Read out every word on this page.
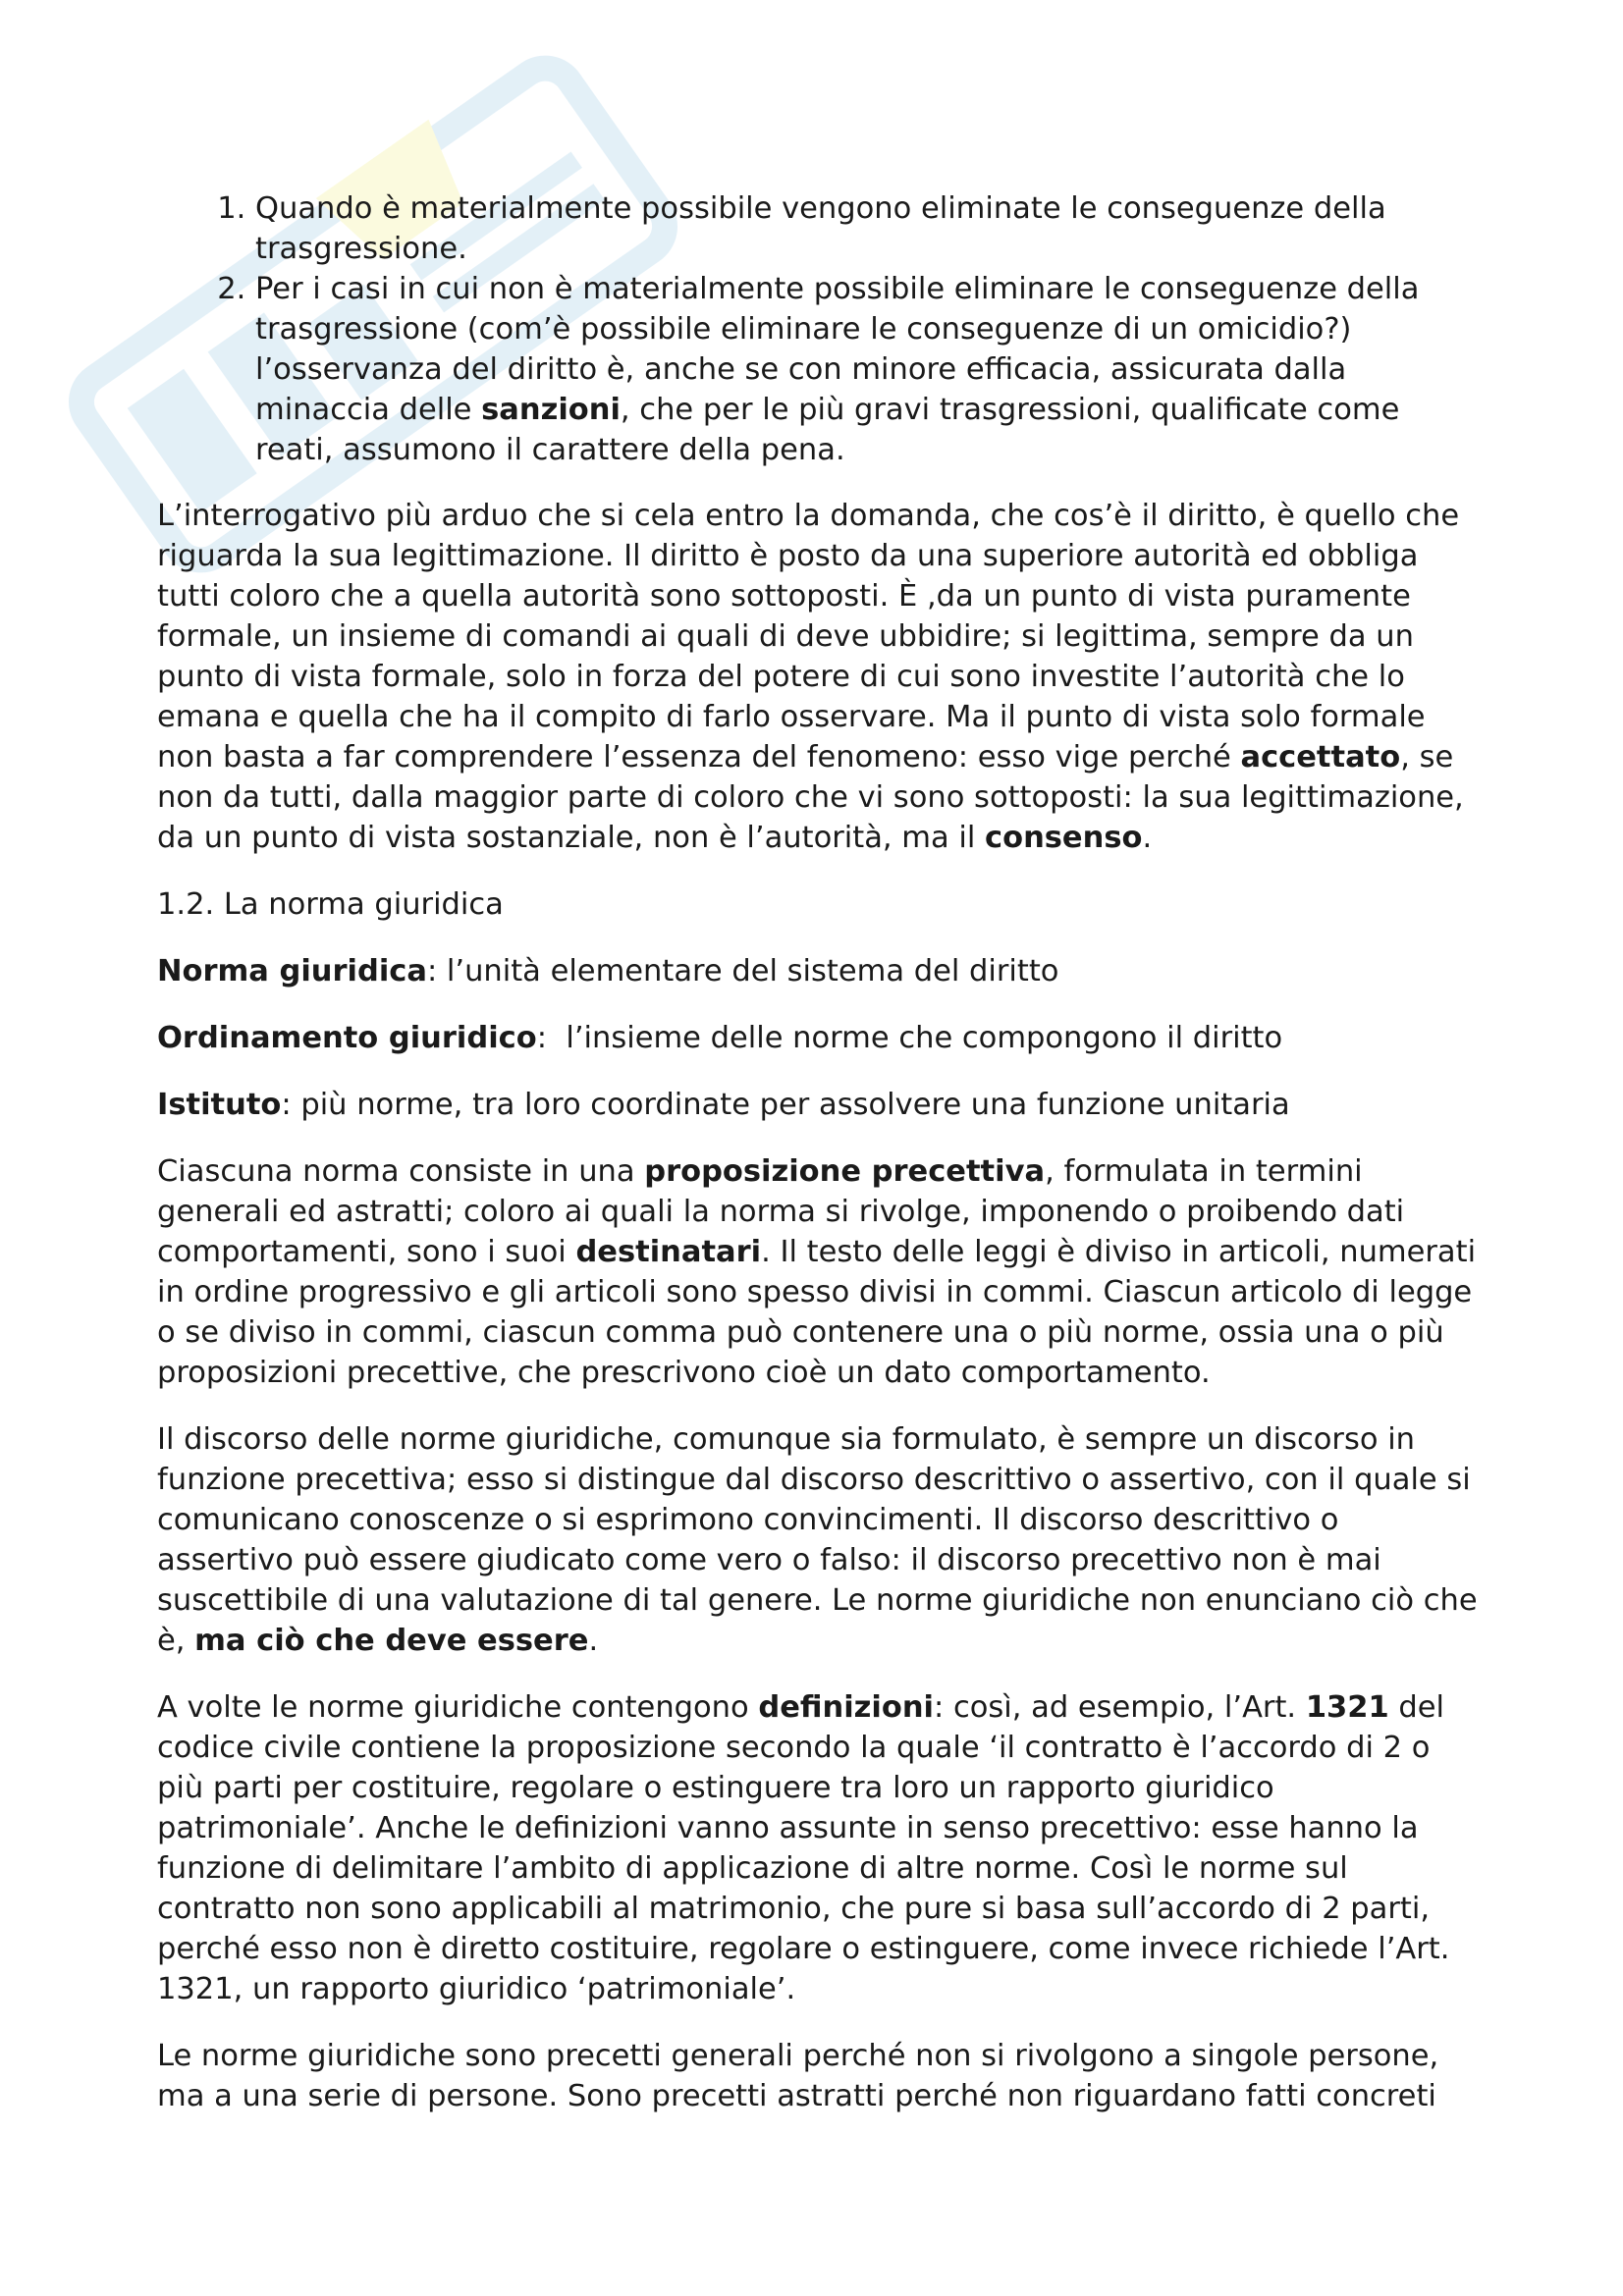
1. Quando è materialmente possibile vengono eliminate le conseguenze della trasgressione.
2. Per i casi in cui non è materialmente possibile eliminare le conseguenze della trasgressione (com’è possibile eliminare le conseguenze di un omicidio?) l’osservanza del diritto è, anche se con minore efficacia, assicurata dalla minaccia delle sanzioni, che per le più gravi trasgressioni, qualificate come reati, assumono il carattere della pena.

L’interrogativo più arduo che si cela entro la domanda, che cos’è il diritto, è quello che riguarda la sua legittimazione. Il diritto è posto da una superiore autorità ed obbliga tutti coloro che a quella autorità sono sottoposti. È ,da un punto di vista puramente formale, un insieme di comandi ai quali di deve ubbidire; si legittima, sempre da un punto di vista formale, solo in forza del potere di cui sono investite l’autorità che lo emana e quella che ha il compito di farlo osservare. Ma il punto di vista solo formale non basta a far comprendere l’essenza del fenomeno: esso vige perché accettato, se non da tutti, dalla maggior parte di coloro che vi sono sottoposti: la sua legittimazione, da un punto di vista sostanziale, non è l’autorità, ma il consenso.

1.2. La norma giuridica

Norma giuridica: l’unità elementare del sistema del diritto

Ordinamento giuridico:  l’insieme delle norme che compongono il diritto

Istituto: più norme, tra loro coordinate per assolvere una funzione unitaria

Ciascuna norma consiste in una proposizione precettiva, formulata in termini generali ed astratti; coloro ai quali la norma si rivolge, imponendo o proibendo dati comportamenti, sono i suoi destinatari. Il testo delle leggi è diviso in articoli, numerati in ordine progressivo e gli articoli sono spesso divisi in commi. Ciascun articolo di legge o se diviso in commi, ciascun comma può contenere una o più norme, ossia una o più proposizioni precettive, che prescrivono cioè un dato comportamento.

Il discorso delle norme giuridiche, comunque sia formulato, è sempre un discorso in funzione precettiva; esso si distingue dal discorso descrittivo o assertivo, con il quale si comunicano conoscenze o si esprimono convincimenti. Il discorso descrittivo o assertivo può essere giudicato come vero o falso: il discorso precettivo non è mai suscettibile di una valutazione di tal genere. Le norme giuridiche non enunciano ciò che è, ma ciò che deve essere.

A volte le norme giuridiche contengono definizioni: così, ad esempio, l’Art. 1321 del codice civile contiene la proposizione secondo la quale ‘il contratto è l’accordo di 2 o più parti per costituire, regolare o estinguere tra loro un rapporto giuridico patrimoniale’. Anche le definizioni vanno assunte in senso precettivo: esse hanno la funzione di delimitare l’ambito di applicazione di altre norme. Così le norme sul contratto non sono applicabili al matrimonio, che pure si basa sull’accordo di 2 parti, perché esso non è diretto costituire, regolare o estinguere, come invece richiede l’Art. 1321, un rapporto giuridico ‘patrimoniale’.

Le norme giuridiche sono precetti generali perché non si rivolgono a singole persone, ma a una serie di persone. Sono precetti astratti perché non riguardano fatti concreti
